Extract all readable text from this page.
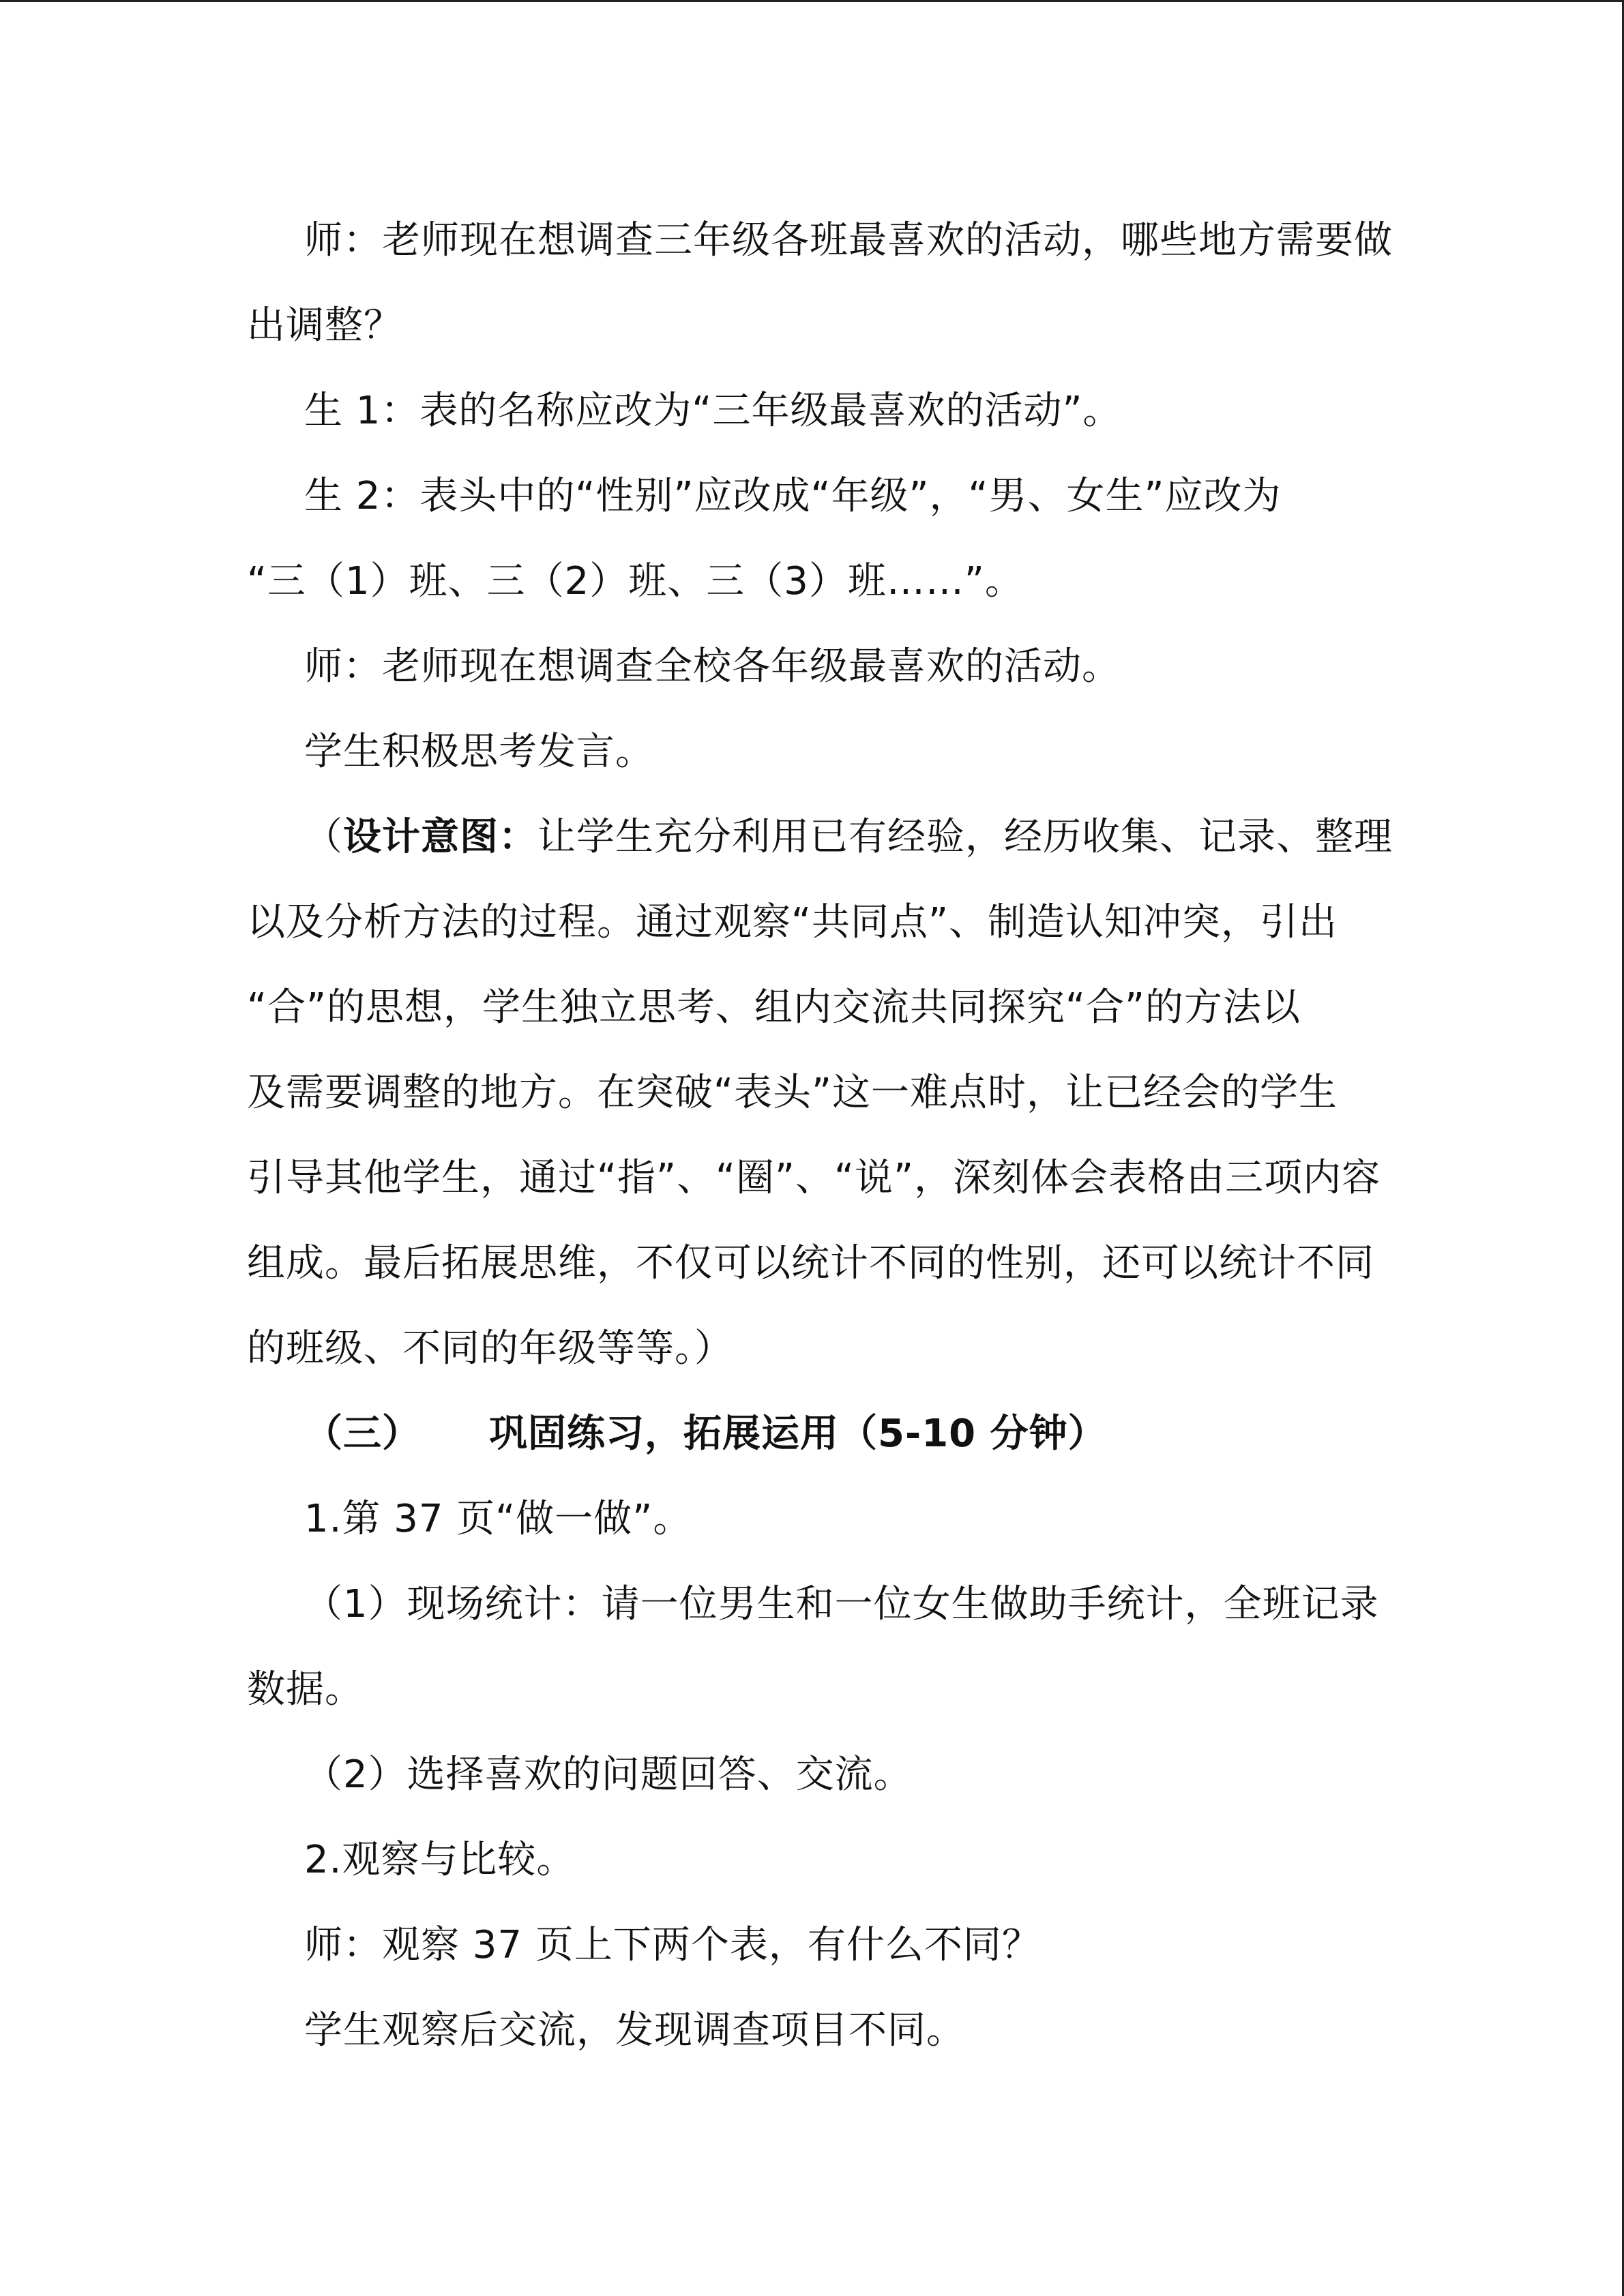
师：老师现在想调查三年级各班最喜欢的活动，哪些地方需要做
出调整？
生 1：表的名称应改为“三年级最喜欢的活动”。
生 2：表头中的“性别”应改成“年级”，“男、女生”应改为
“三（1）班、三（2）班、三（3）班……”。
师：老师现在想调查全校各年级最喜欢的活动。
学生积极思考发言。
（设计意图：让学生充分利用已有经验，经历收集、记录、整理
以及分析方法的过程。通过观察“共同点”、制造认知冲突，引出
“合”的思想，学生独立思考、组内交流共同探究“合”的方法以
及需要调整的地方。在突破“表头”这一难点时，让已经会的学生
引导其他学生，通过“指”、“圈”、“说”，深刻体会表格由三项内容
组成。最后拓展思维，不仅可以统计不同的性别，还可以统计不同
的班级、不同的年级等等。）
（三） 巩固练习，拓展运用（5-10 分钟）
1.第 37 页“做一做”。
（1）现场统计：请一位男生和一位女生做助手统计，全班记录
数据。
（2）选择喜欢的问题回答、交流。
2.观察与比较。
师：观察 37 页上下两个表，有什么不同？
学生观察后交流，发现调查项目不同。
